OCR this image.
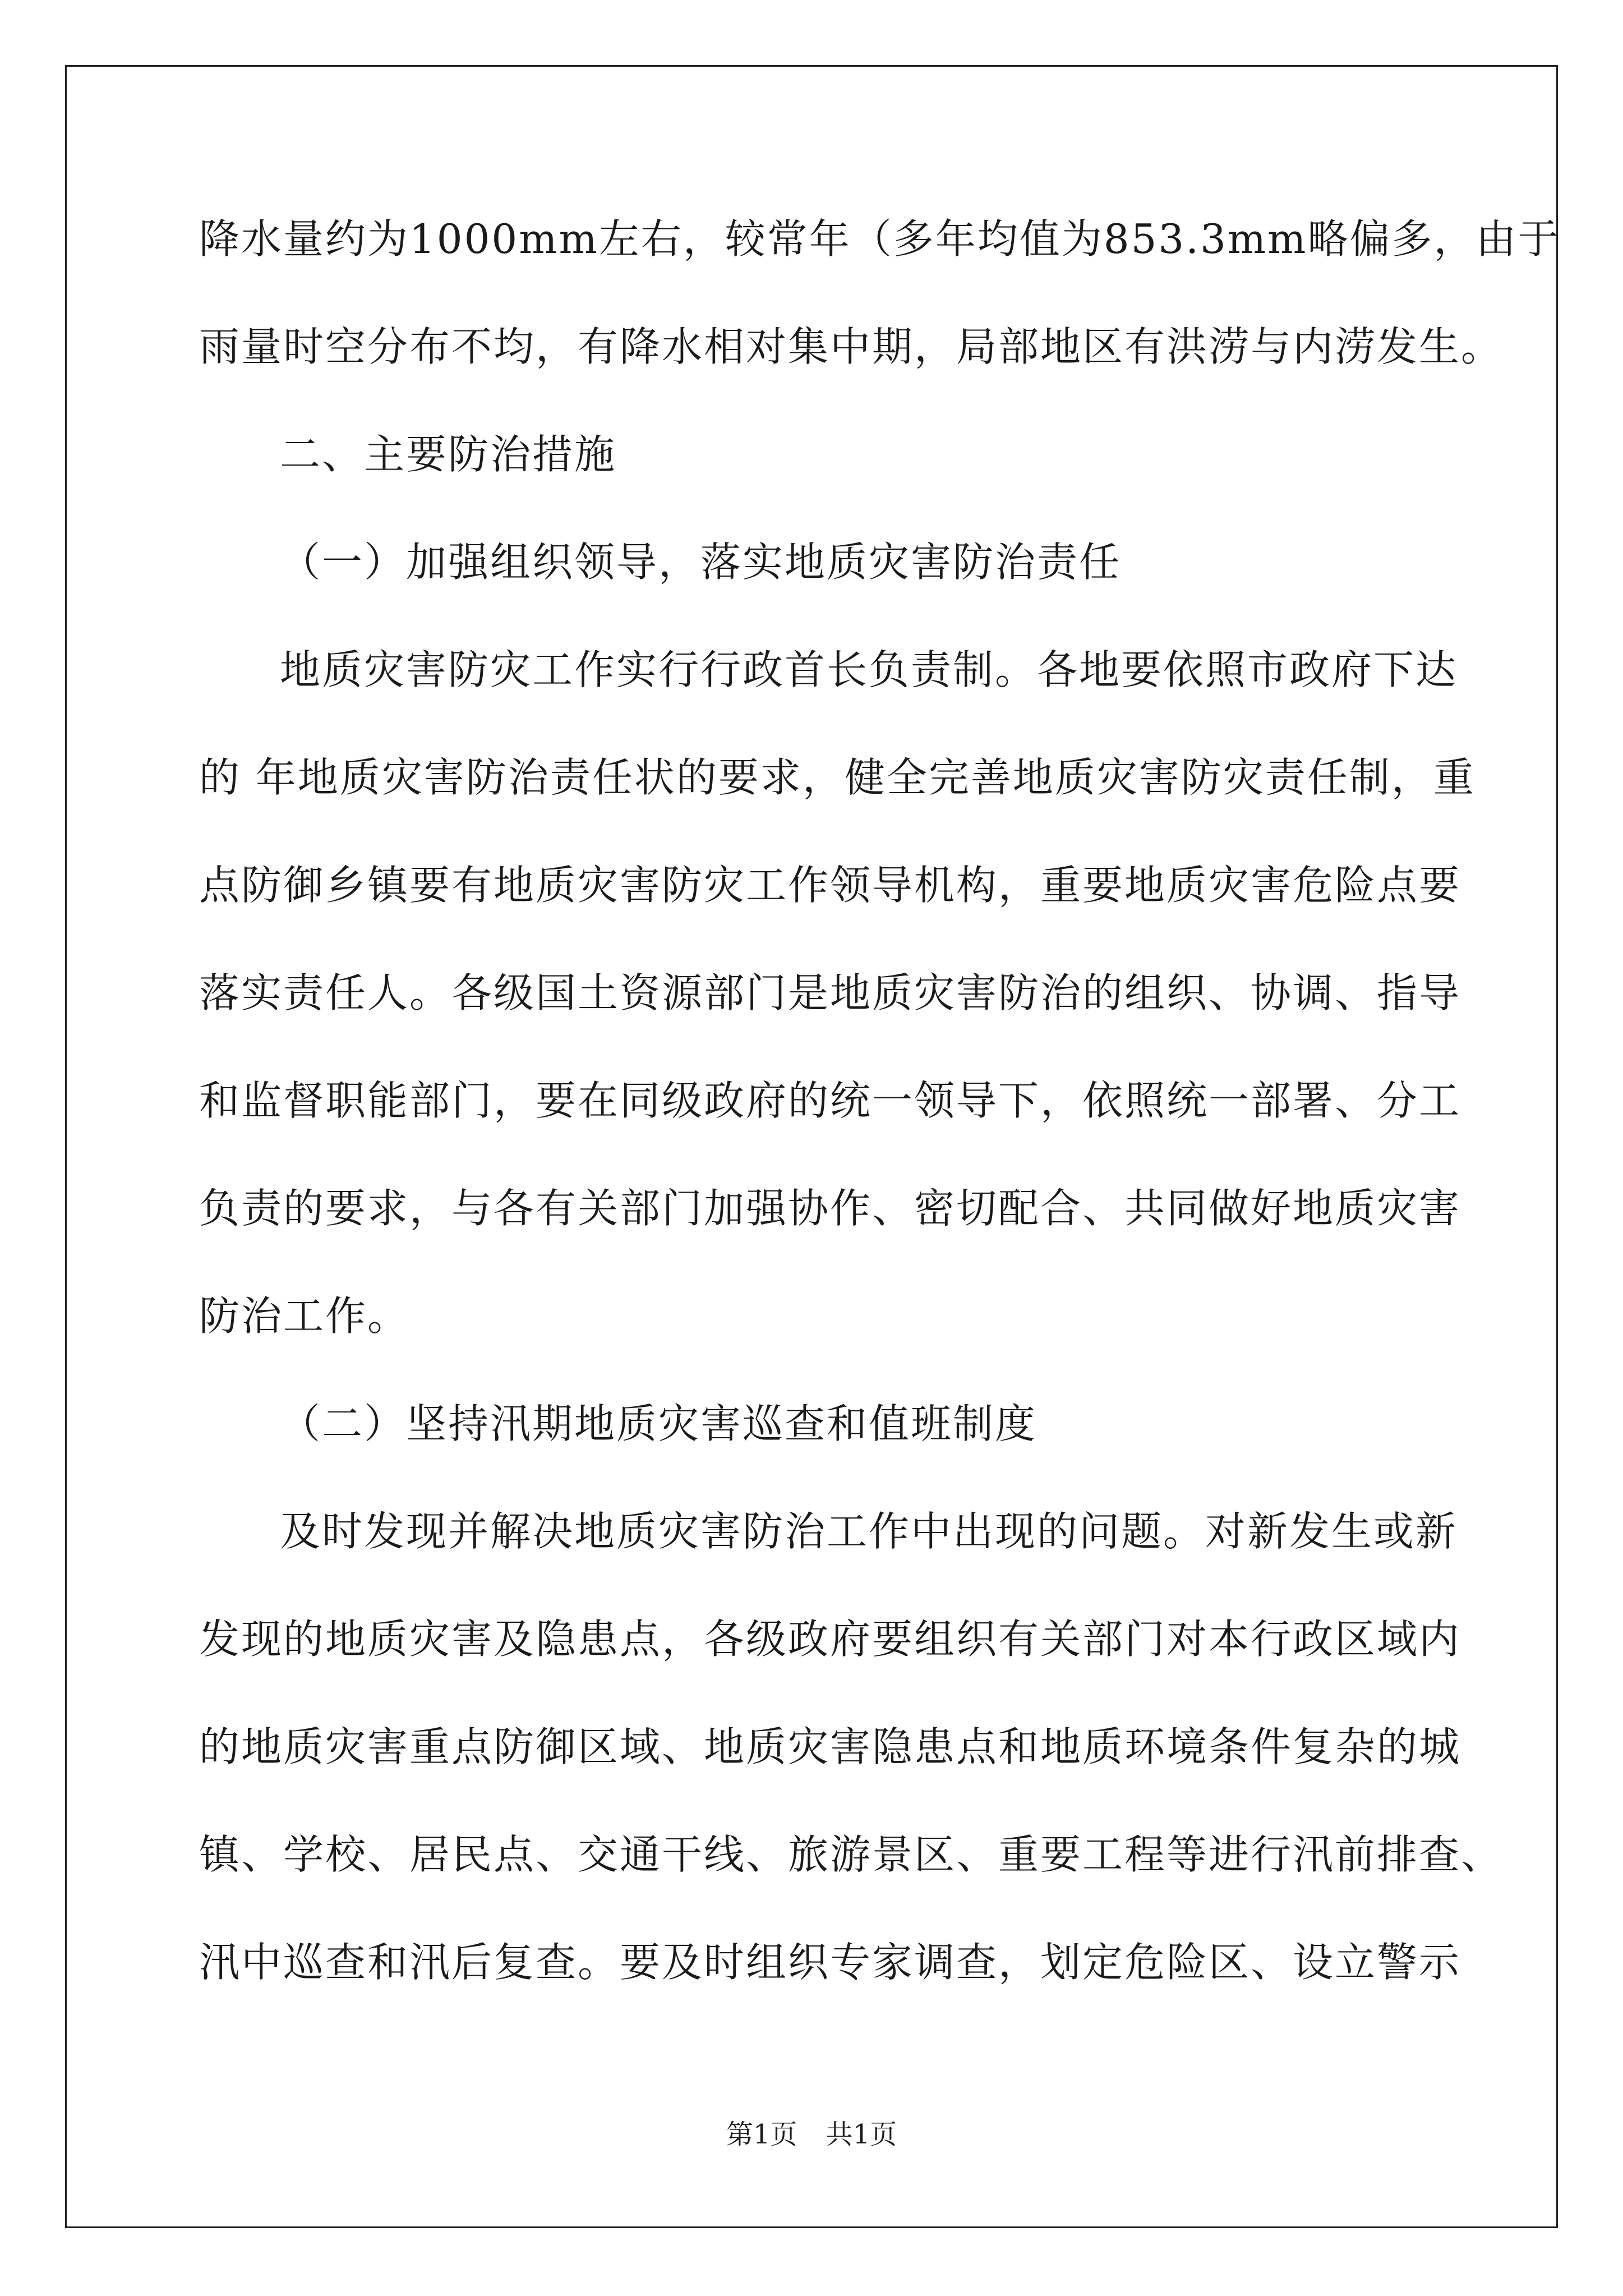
降水量约为1000mm左右，较常年（多年均值为853.3mm略偏多，由于
雨量时空分布不均，有降水相对集中期，局部地区有洪涝与内涝发生。
二、主要防治措施
（一）加强组织领导，落实地质灾害防治责任
地质灾害防灾工作实行行政首长负责制。各地要依照市政府下达
的 年地质灾害防治责任状的要求，健全完善地质灾害防灾责任制，重
点防御乡镇要有地质灾害防灾工作领导机构，重要地质灾害危险点要
落实责任人。各级国土资源部门是地质灾害防治的组织、协调、指导
和监督职能部门，要在同级政府的统一领导下，依照统一部署、分工
负责的要求，与各有关部门加强协作、密切配合、共同做好地质灾害
防治工作。
（二）坚持汛期地质灾害巡查和值班制度
及时发现并解决地质灾害防治工作中出现的问题。对新发生或新
发现的地质灾害及隐患点，各级政府要组织有关部门对本行政区域内
的地质灾害重点防御区域、地质灾害隐患点和地质环境条件复杂的城
镇、学校、居民点、交通干线、旅游景区、重要工程等进行汛前排查、
汛中巡查和汛后复查。要及时组织专家调查，划定危险区、设立警示
第1页 共1页
